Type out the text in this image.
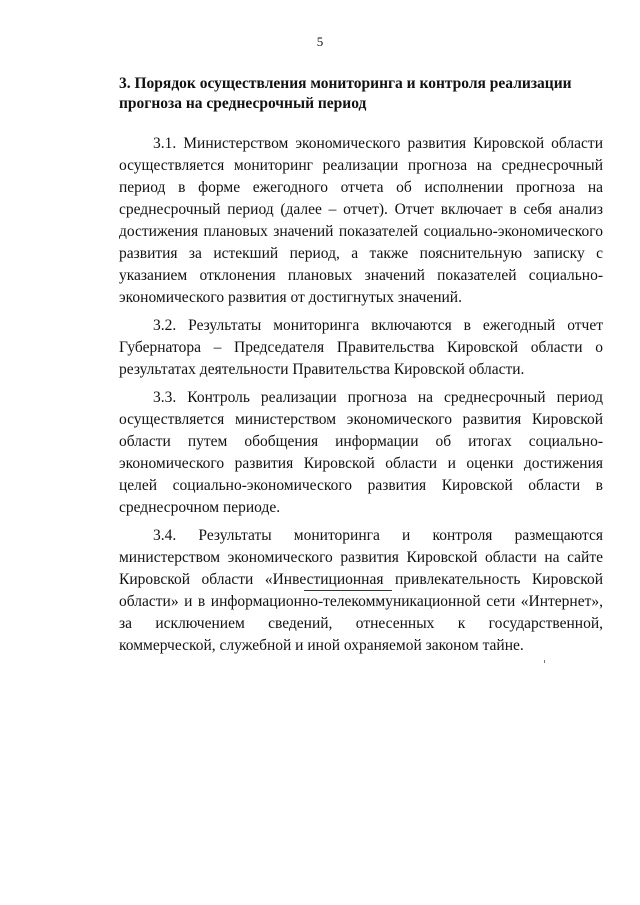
5

3. Порядок осуществления мониторинга и контроля реализации прогноза на среднесрочный период

3.1. Министерством экономического развития Кировской области осуществляется мониторинг реализации прогноза на среднесрочный период в форме ежегодного отчета об исполнении прогноза на среднесрочный период (далее – отчет). Отчет включает в себя анализ достижения плановых значений показателей социально-экономического развития за истекший период, а также пояснительную записку с указанием отклонения плановых значений показателей социально-экономического развития от достигнутых значений.

3.2. Результаты мониторинга включаются в ежегодный отчет Губернатора – Председателя Правительства Кировской области о результатах деятельности Правительства Кировской области.

3.3. Контроль реализации прогноза на среднесрочный период осуществляется министерством экономического развития Кировской области путем обобщения информации об итогах социально-экономического развития Кировской области и оценки достижения целей социально-экономического развития Кировской области в среднесрочном периоде.

3.4. Результаты мониторинга и контроля размещаются министерством экономического развития Кировской области на сайте Кировской области «Инвестиционная привлекательность Кировской области» и в информационно-телекоммуникационной сети «Интернет», за исключением сведений, отнесенных к государственной, коммерческой, служебной и иной охраняемой законом тайне.
